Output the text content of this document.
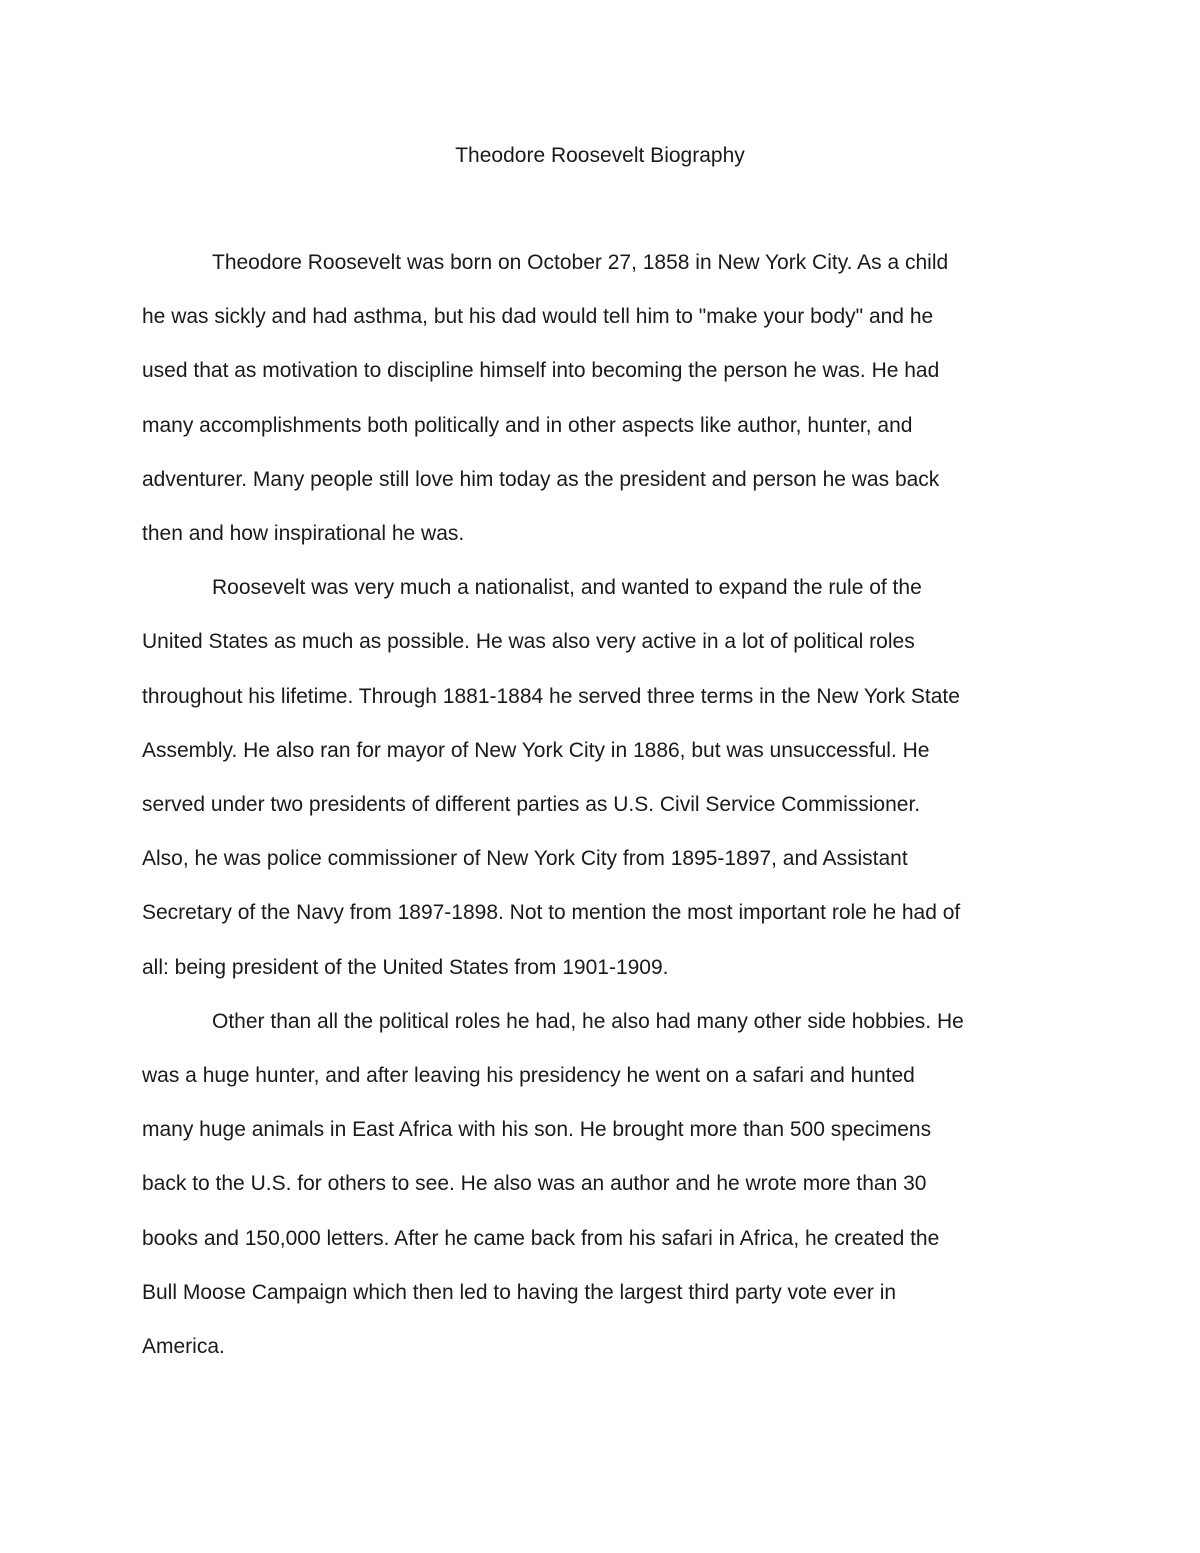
Theodore Roosevelt Biography

Theodore Roosevelt was born on October 27, 1858 in New York City. As a child
he was sickly and had asthma, but his dad would tell him to "make your body" and he
used that as motivation to discipline himself into becoming the person he was. He had
many accomplishments both politically and in other aspects like author, hunter, and
adventurer. Many people still love him today as the president and person he was back
then and how inspirational he was.

Roosevelt was very much a nationalist, and wanted to expand the rule of the
United States as much as possible. He was also very active in a lot of political roles
throughout his lifetime. Through 1881-1884 he served three terms in the New York State
Assembly. He also ran for mayor of New York City in 1886, but was unsuccessful. He
served under two presidents of different parties as U.S. Civil Service Commissioner.
Also, he was police commissioner of New York City from 1895-1897, and Assistant
Secretary of the Navy from 1897-1898. Not to mention the most important role he had of
all: being president of the United States from 1901-1909.

Other than all the political roles he had, he also had many other side hobbies. He
was a huge hunter, and after leaving his presidency he went on a safari and hunted
many huge animals in East Africa with his son. He brought more than 500 specimens
back to the U.S. for others to see. He also was an author and he wrote more than 30
books and 150,000 letters. After he came back from his safari in Africa, he created the
Bull Moose Campaign which then led to having the largest third party vote ever in
America.
